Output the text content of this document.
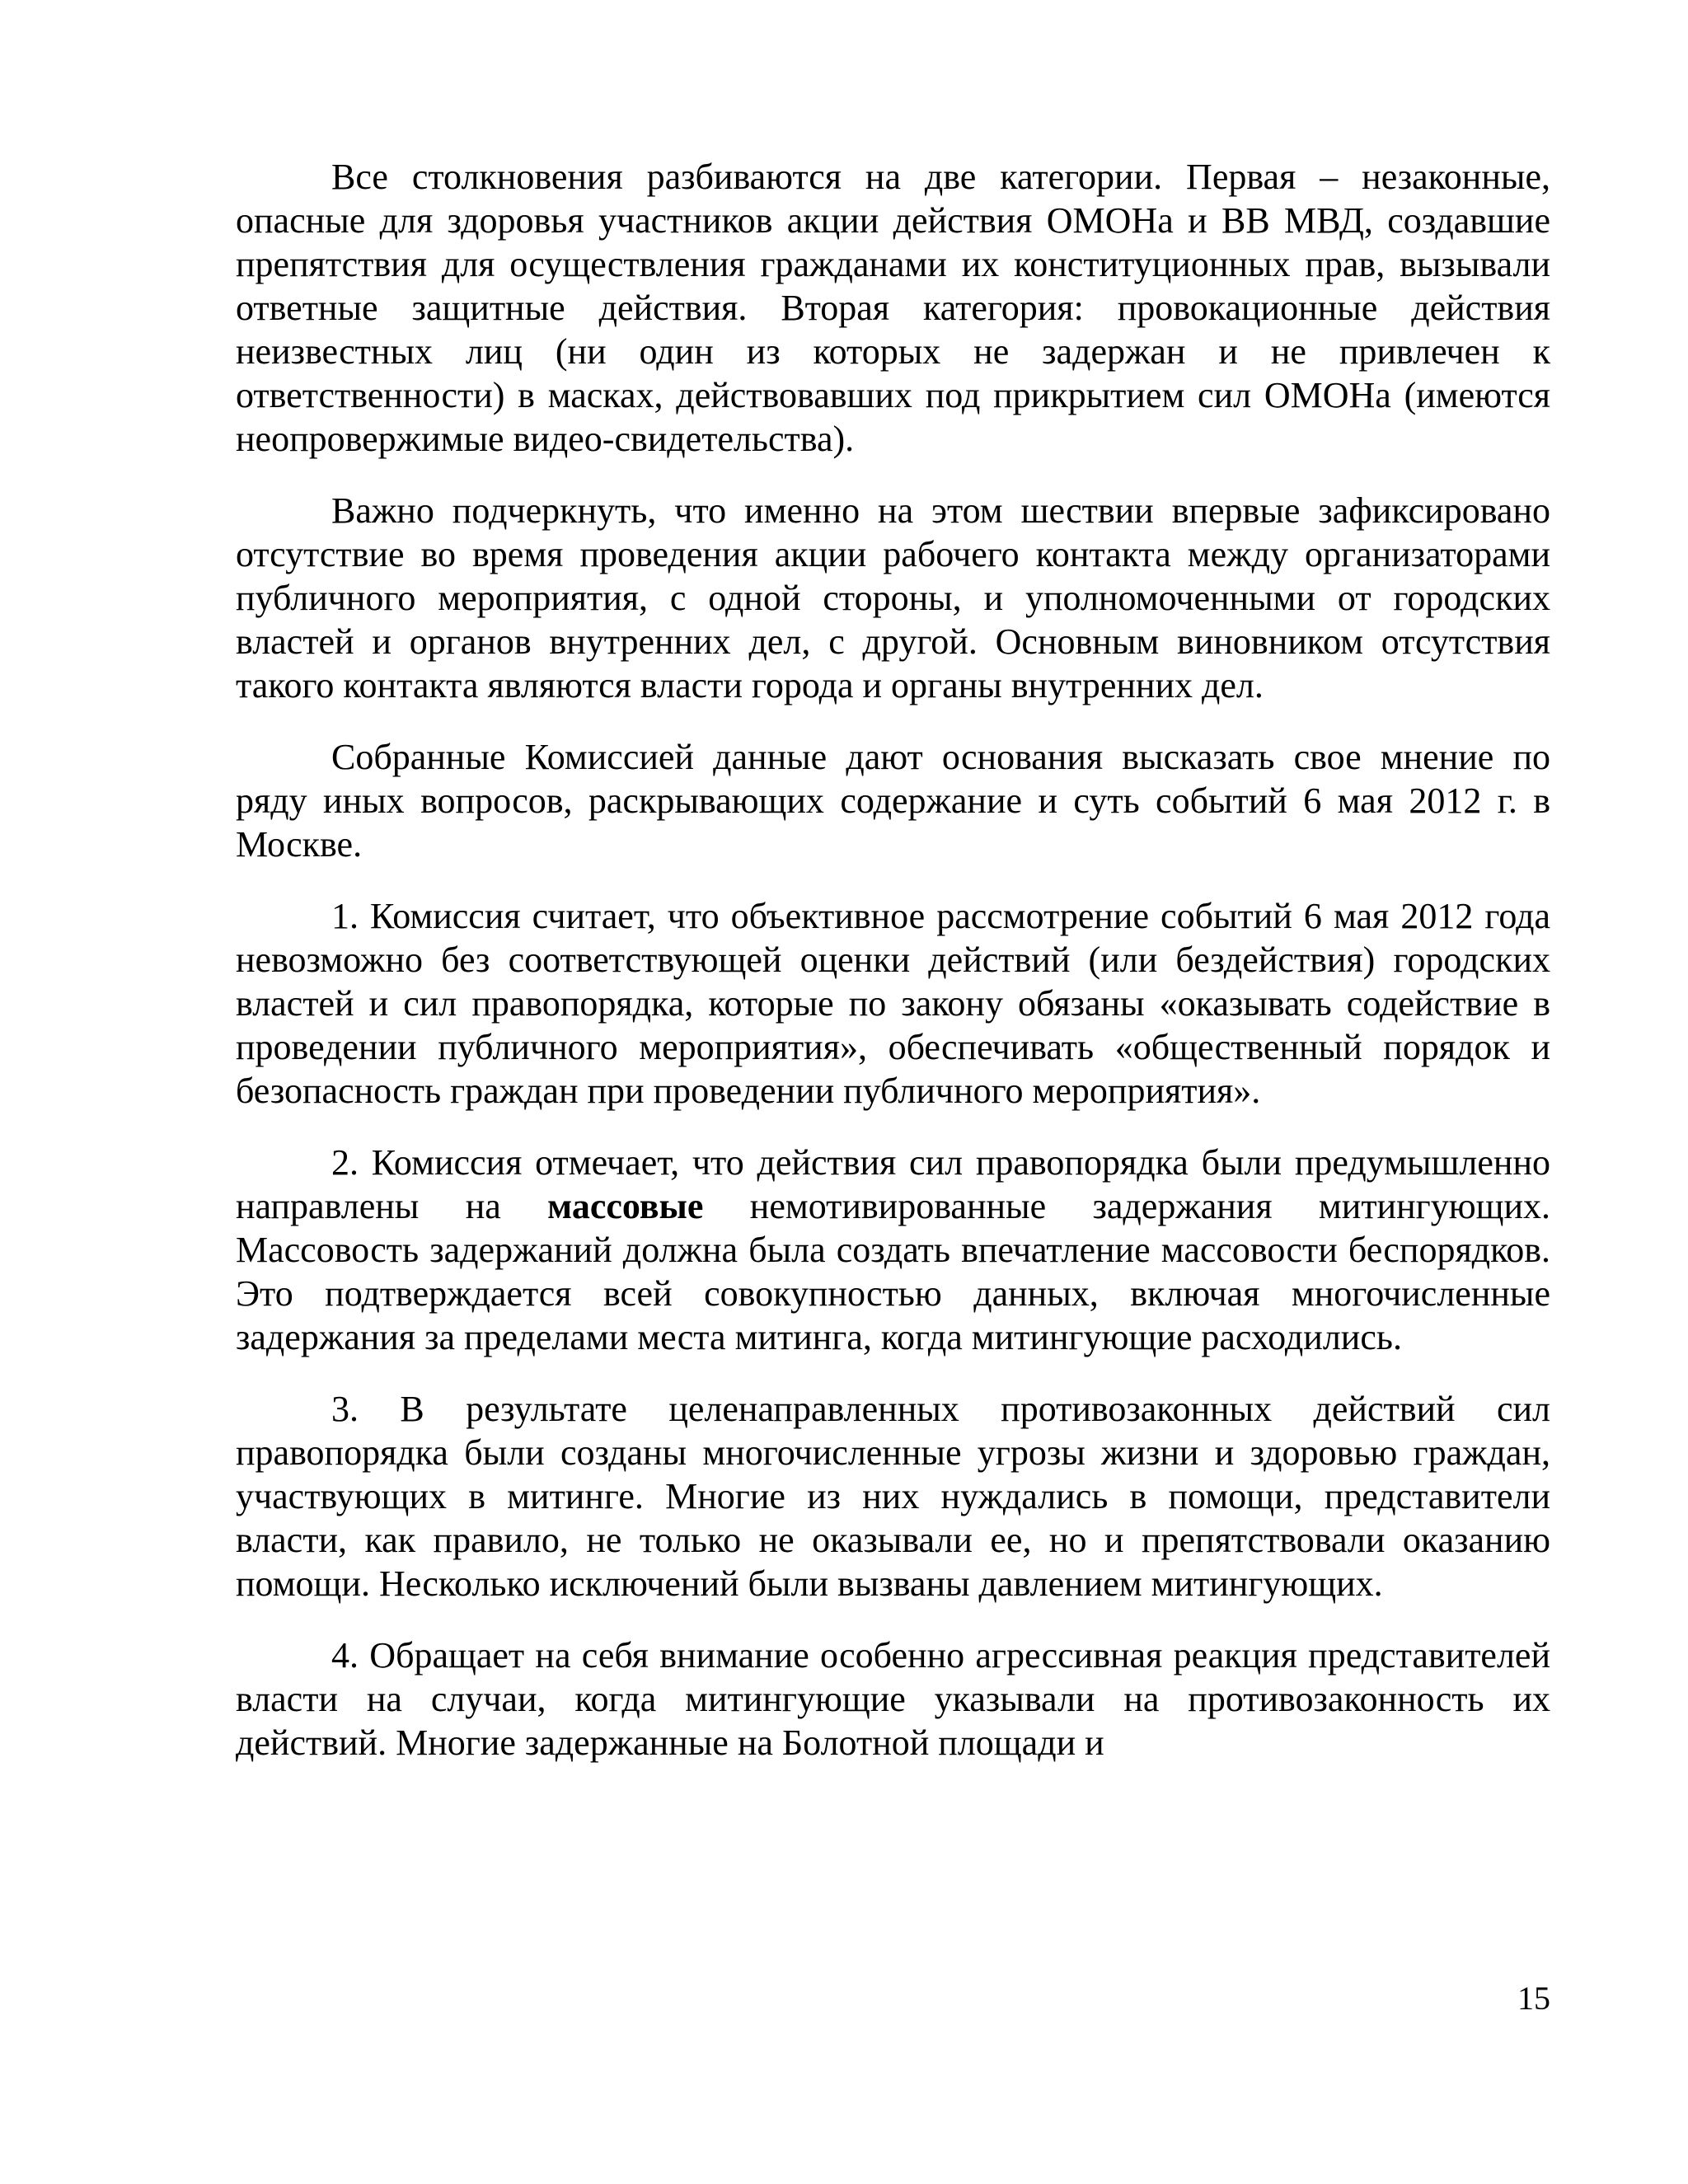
Все столкновения разбиваются на две категории. Первая – незаконные, опасные для здоровья участников акции действия ОМОНа и ВВ МВД, создавшие препятствия для осуществления гражданами их конституционных прав, вызывали ответные защитные действия. Вторая категория: провокационные действия неизвестных лиц (ни один из которых не задержан и не привлечен к ответственности) в масках, действовавших под прикрытием сил ОМОНа (имеются неопровержимые видео-свидетельства).

Важно подчеркнуть, что именно на этом шествии впервые зафиксировано отсутствие во время проведения акции рабочего контакта между организаторами публичного мероприятия, с одной стороны, и уполномоченными от городских властей и органов внутренних дел, с другой. Основным виновником отсутствия такого контакта являются власти города и органы внутренних дел.

Собранные Комиссией данные дают основания высказать свое мнение по ряду иных вопросов, раскрывающих содержание и суть событий 6 мая 2012 г. в Москве.

1. Комиссия считает, что объективное рассмотрение событий 6 мая 2012 года невозможно без соответствующей оценки действий (или бездействия) городских властей и сил правопорядка, которые по закону обязаны «оказывать содействие в проведении публичного мероприятия», обеспечивать «общественный порядок и безопасность граждан при проведении публичного мероприятия».

2. Комиссия отмечает, что действия сил правопорядка были предумышленно направлены на массовые немотивированные задержания митингующих. Массовость задержаний должна была создать впечатление массовости беспорядков. Это подтверждается всей совокупностью данных, включая многочисленные задержания за пределами места митинга, когда митингующие расходились.

3. В результате целенаправленных противозаконных действий сил правопорядка были созданы многочисленные угрозы жизни и здоровью граждан, участвующих в митинге. Многие из них нуждались в помощи, представители власти, как правило, не только не оказывали ее, но и препятствовали оказанию помощи. Несколько исключений были вызваны давлением митингующих.

4. Обращает на себя внимание особенно агрессивная реакция представителей власти на случаи, когда митингующие указывали на противозаконность их действий. Многие задержанные на Болотной площади и

15
